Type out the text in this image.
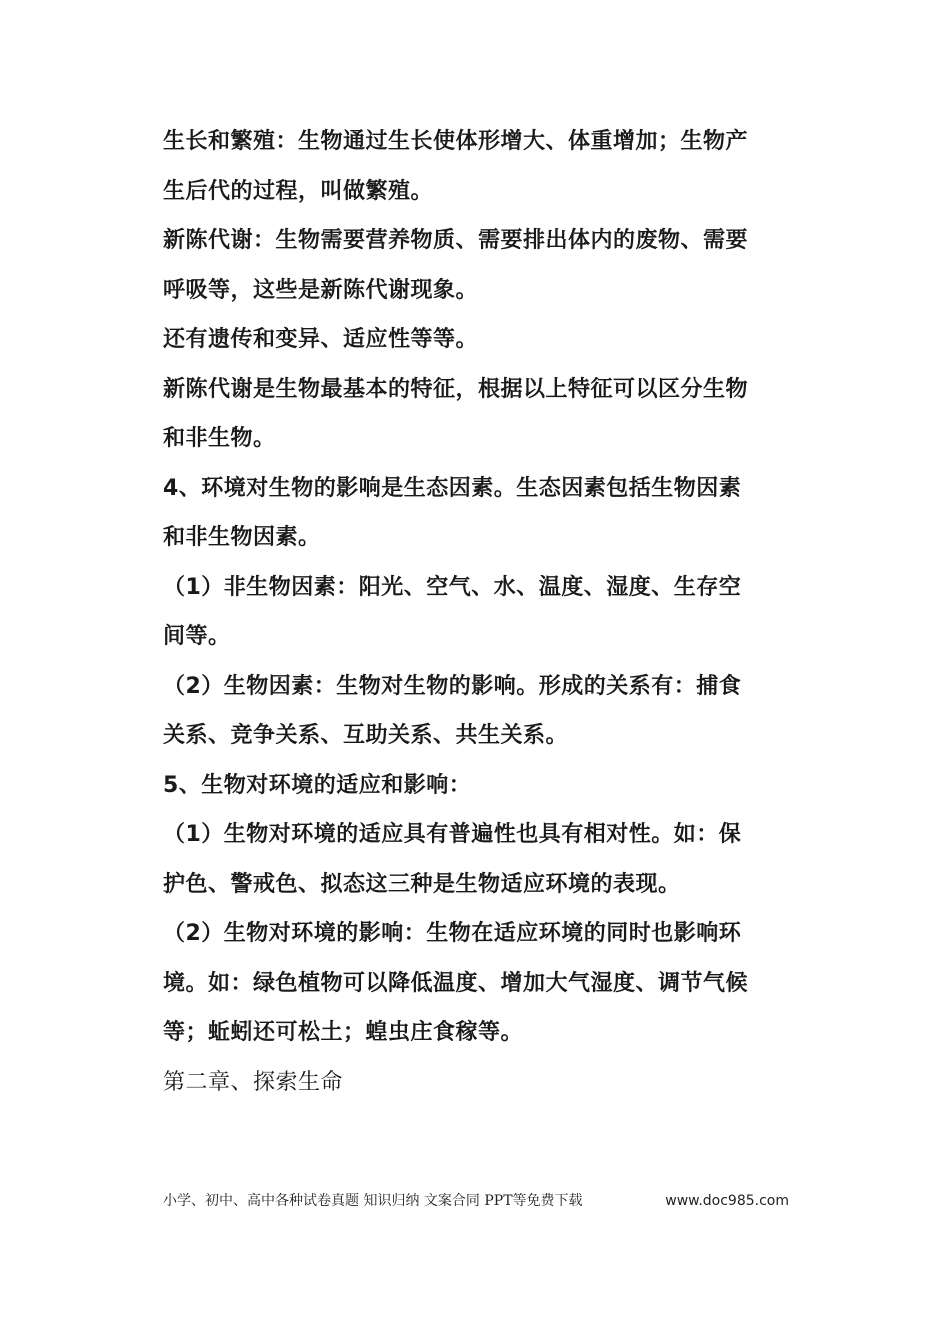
生长和繁殖：生物通过生长使体形增大、体重增加；生物产

生后代的过程，叫做繁殖。

新陈代谢：生物需要营养物质、需要排出体内的废物、需要

呼吸等，这些是新陈代谢现象。

还有遗传和变异、适应性等等。

新陈代谢是生物最基本的特征，根据以上特征可以区分生物

和非生物。

4、环境对生物的影响是生态因素。生态因素包括生物因素

和非生物因素。

（1）非生物因素：阳光、空气、水、温度、湿度、生存空

间等。

（2）生物因素：生物对生物的影响。形成的关系有：捕食

关系、竞争关系、互助关系、共生关系。

5、生物对环境的适应和影响：

（1）生物对环境的适应具有普遍性也具有相对性。如：保

护色、警戒色、拟态这三种是生物适应环境的表现。

（2）生物对环境的影响：生物在适应环境的同时也影响环

境。如：绿色植物可以降低温度、增加大气湿度、调节气候

等；蚯蚓还可松土；蝗虫庄食稼等。

第二章、探索生命

小学、初中、高中各种试卷真题 知识归纳 文案合同 PPT等免费下载	www.doc985.com
